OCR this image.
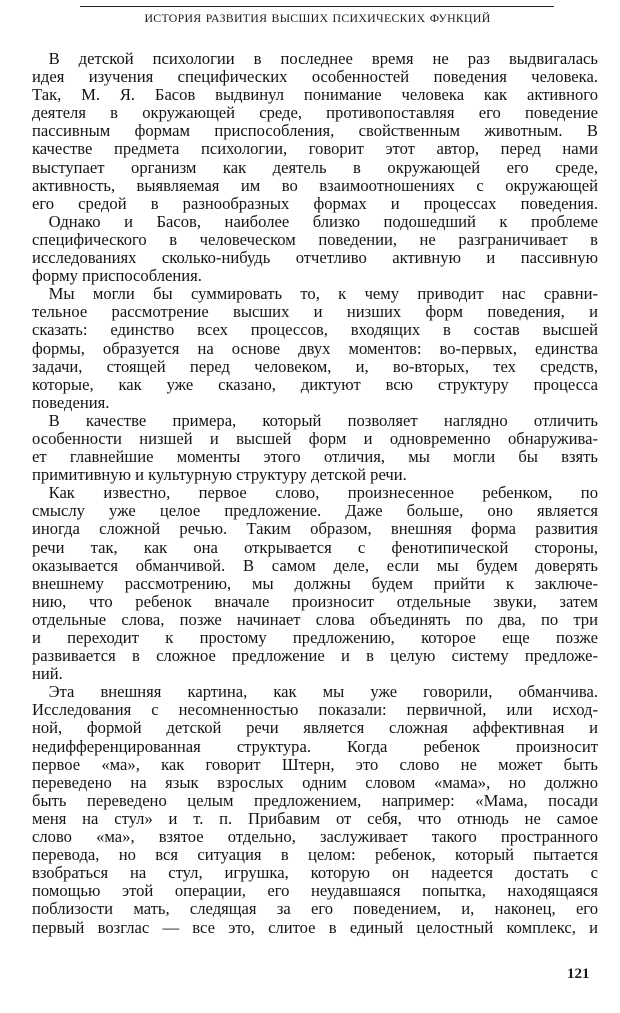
ИСТОРИЯ РАЗВИТИЯ ВЫСШИХ ПСИХИЧЕСКИХ ФУНКЦИЙ

В детской психологии в последнее время не раз выдвигалась
идея изучения специфических особенностей поведения человека.
Так, М. Я. Басов выдвинул понимание человека как активного
деятеля в окружающей среде, противопоставляя его поведение
пассивным формам приспособления, свойственным животным. В
качестве предмета психологии, говорит этот автор, перед нами
выступает организм как деятель в окружающей его среде,
активность, выявляемая им во взаимоотношениях с окружающей
его средой в разнообразных формах и процессах поведения.

Однако и Басов, наиболее близко подошедший к проблеме
специфического в человеческом поведении, не разграничивает в
исследованиях сколько-нибудь отчетливо активную и пассивную
форму приспособления.

Мы могли бы суммировать то, к чему приводит нас сравни-
тельное рассмотрение высших и низших форм поведения, и
сказать: единство всех процессов, входящих в состав высшей
формы, образуется на основе двух моментов: во-первых, единства
задачи, стоящей перед человеком, и, во-вторых, тех средств,
которые, как уже сказано, диктуют всю структуру процесса
поведения.

В качестве примера, который позволяет наглядно отличить
особенности низшей и высшей форм и одновременно обнаружива-
ет главнейшие моменты этого отличия, мы могли бы взять
примитивную и культурную структуру детской речи.

Как известно, первое слово, произнесенное ребенком, по
смыслу уже целое предложение. Даже больше, оно является
иногда сложной речью. Таким образом, внешняя форма развития
речи так, как она открывается с фенотипической стороны,
оказывается обманчивой. В самом деле, если мы будем доверять
внешнему рассмотрению, мы должны будем прийти к заключе-
нию, что ребенок вначале произносит отдельные звуки, затем
отдельные слова, позже начинает слова объединять по два, по три
и переходит к простому предложению, которое еще позже
развивается в сложное предложение и в целую систему предложе-
ний.

Эта внешняя картина, как мы уже говорили, обманчива.
Исследования с несомненностью показали: первичной, или исход-
ной, формой детской речи является сложная аффективная и
недифференцированная структура. Когда ребенок произносит
первое «ма», как говорит Штерн, это слово не может быть
переведено на язык взрослых одним словом «мама», но должно
быть переведено целым предложением, например: «Мама, посади
меня на стул» и т. п. Прибавим от себя, что отнюдь не самое
слово «ма», взятое отдельно, заслуживает такого пространного
перевода, но вся ситуация в целом: ребенок, который пытается
взобраться на стул, игрушка, которую он надеется достать с
помощью этой операции, его неудавшаяся попытка, находящаяся
поблизости мать, следящая за его поведением, и, наконец, его
первый возглас — все это, слитое в единый целостный комплекс, и

121
